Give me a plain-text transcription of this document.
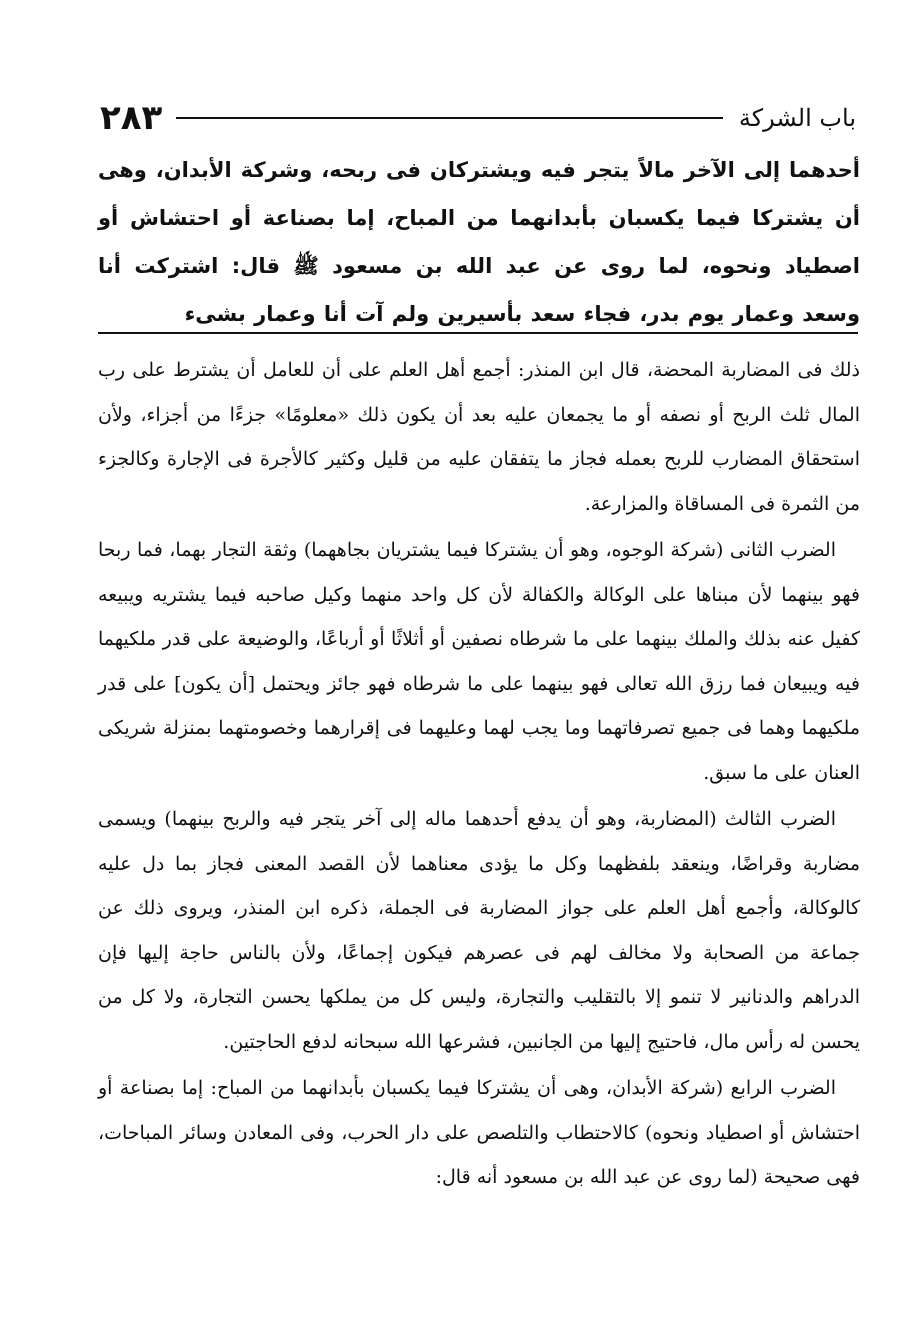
باب الشركة
٢٨٣
أحدهما إلى الآخر مالاً يتجر فيه ويشتركان فى ربحه، وشركة الأبدان، وهى أن يشتركا فيما يكسبان بأبدانهما من المباح، إما بصناعة أو احتشاش أو اصطياد ونحوه، لما روى عن عبد الله بن مسعود ﷺ قال: اشتركت أنا وسعد وعمار يوم بدر، فجاء سعد بأسيرين ولم آت أنا وعمار بشىء

ذلك فى المضاربة المحضة، قال ابن المنذر: أجمع أهل العلم على أن للعامل أن يشترط على رب المال ثلث الربح أو نصفه أو ما يجمعان عليه بعد أن يكون ذلك «معلومًا» جزءًا من أجزاء، ولأن استحقاق المضارب للربح بعمله فجاز ما يتفقان عليه من قليل وكثير كالأجرة فى الإجارة وكالجزء من الثمرة فى المساقاة والمزارعة.

الضرب الثانى (شركة الوجوه، وهو أن يشتركا فيما يشتريان بجاههما) وثقة التجار بهما، فما ربحا فهو بينهما لأن مبناها على الوكالة والكفالة لأن كل واحد منهما وكيل صاحبه فيما يشتريه ويبيعه كفيل عنه بذلك والملك بينهما على ما شرطاه نصفين أو أثلاثًا أو أرباعًا، والوضيعة على قدر ملكيهما فيه ويبيعان فما رزق الله تعالى فهو بينهما على ما شرطاه فهو جائز ويحتمل [أن يكون] على قدر ملكيهما وهما فى جميع تصرفاتهما وما يجب لهما وعليهما فى إقرارهما وخصومتهما بمنزلة شريكى العنان على ما سبق.

الضرب الثالث (المضاربة، وهو أن يدفع أحدهما ماله إلى آخر يتجر فيه والربح بينهما) ويسمى مضاربة وقراضًا، وينعقد بلفظهما وكل ما يؤدى معناهما لأن القصد المعنى فجاز بما دل عليه كالوكالة، وأجمع أهل العلم على جواز المضاربة فى الجملة، ذكره ابن المنذر، ويروى ذلك عن جماعة من الصحابة ولا مخالف لهم فى عصرهم فيكون إجماعًا، ولأن بالناس حاجة إليها فإن الدراهم والدنانير لا تنمو إلا بالتقليب والتجارة، وليس كل من يملكها يحسن التجارة، ولا كل من يحسن له رأس مال، فاحتيج إليها من الجانبين، فشرعها الله سبحانه لدفع الحاجتين.

الضرب الرابع (شركة الأبدان، وهى أن يشتركا فيما يكسبان بأبدانهما من المباح: إما بصناعة أو احتشاش أو اصطياد ونحوه) كالاحتطاب والتلصص على دار الحرب، وفى المعادن وسائر المباحات، فهى صحيحة (لما روى عن عبد الله بن مسعود أنه قال:
